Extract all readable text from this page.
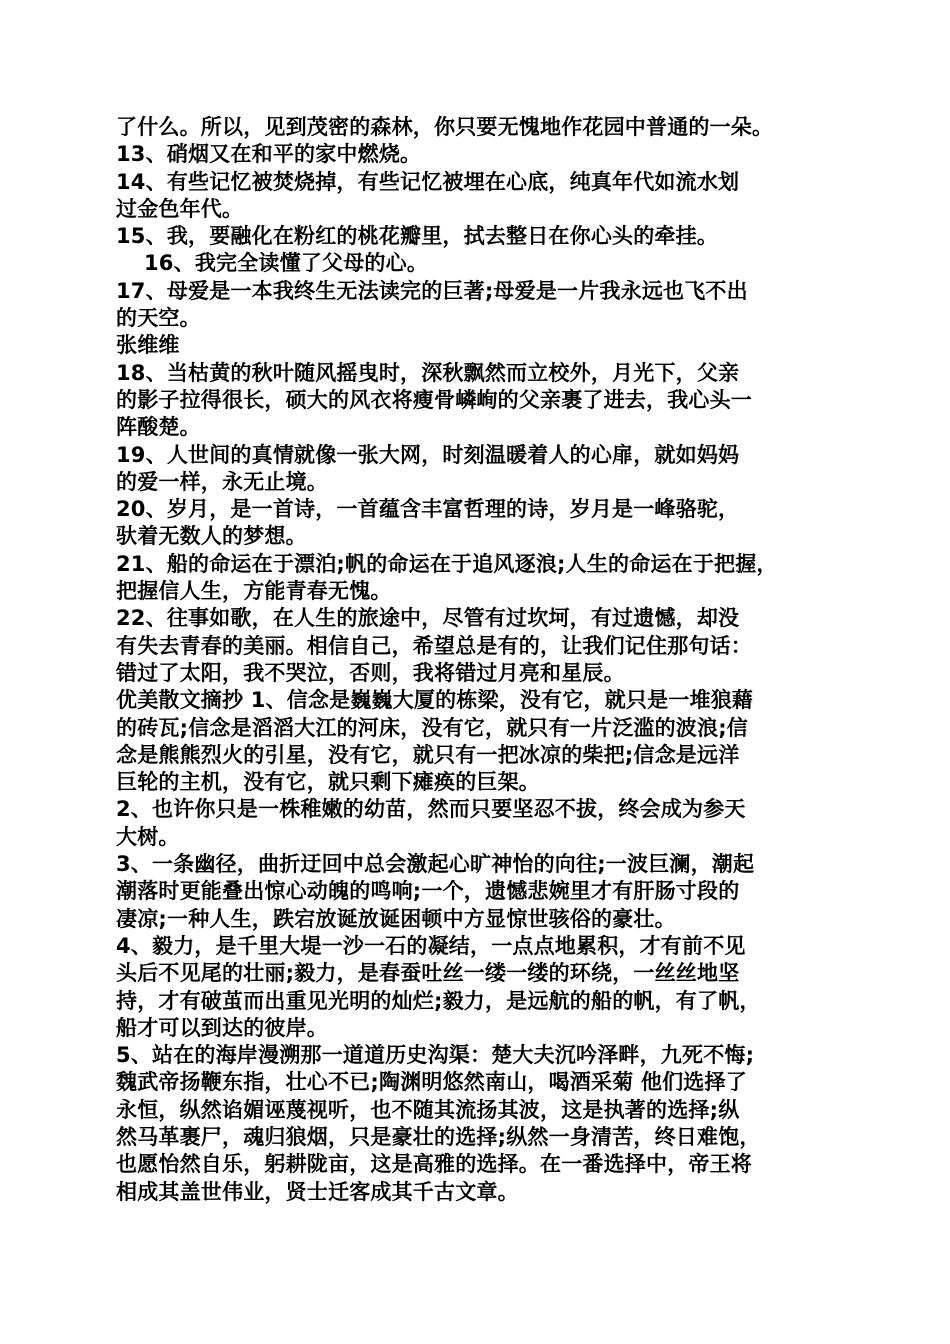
了什么。所以，见到茂密的森林，你只要无愧地作花园中普通的一朵。
13、硝烟又在和平的家中燃烧。
14、有些记忆被焚烧掉，有些记忆被埋在心底，纯真年代如流水划
过金色年代。
15、我，要融化在粉红的桃花瓣里，拭去整日在你心头的牵挂。
16、我完全读懂了父母的心。
17、母爱是一本我终生无法读完的巨著;母爱是一片我永远也飞不出
的天空。
张维维
18、当枯黄的秋叶随风摇曳时，深秋飘然而立校外，月光下，父亲
的影子拉得很长，硕大的风衣将瘦骨嶙峋的父亲裹了进去，我心头一
阵酸楚。
19、人世间的真情就像一张大网，时刻温暖着人的心扉，就如妈妈
的爱一样，永无止境。
20、岁月，是一首诗，一首蕴含丰富哲理的诗，岁月是一峰骆驼，
驮着无数人的梦想。
21、船的命运在于漂泊;帆的命运在于追风逐浪;人生的命运在于把握，
把握信人生，方能青春无愧。
22、往事如歌，在人生的旅途中，尽管有过坎坷，有过遗憾，却没
有失去青春的美丽。相信自己，希望总是有的，让我们记住那句话：
错过了太阳，我不哭泣，否则，我将错过月亮和星辰。
优美散文摘抄 1、信念是巍巍大厦的栋梁，没有它，就只是一堆狼藉
的砖瓦;信念是滔滔大江的河床，没有它，就只有一片泛滥的波浪;信
念是熊熊烈火的引星，没有它，就只有一把冰凉的柴把;信念是远洋
巨轮的主机，没有它，就只剩下瘫痪的巨架。
2、也许你只是一株稚嫩的幼苗，然而只要坚忍不拔，终会成为参天
大树。
3、一条幽径，曲折迂回中总会激起心旷神怡的向往;一波巨澜，潮起
潮落时更能叠出惊心动魄的鸣响;一个，遗憾悲婉里才有肝肠寸段的
凄凉;一种人生，跌宕放诞放诞困顿中方显惊世骇俗的豪壮。
4、毅力，是千里大堤一沙一石的凝结，一点点地累积，才有前不见
头后不见尾的壮丽;毅力，是春蚕吐丝一缕一缕的环绕，一丝丝地坚
持，才有破茧而出重见光明的灿烂;毅力，是远航的船的帆，有了帆，
船才可以到达的彼岸。
5、站在的海岸漫溯那一道道历史沟渠：楚大夫沉吟泽畔，九死不悔;
魏武帝扬鞭东指，壮心不已;陶渊明悠然南山，喝酒采菊 他们选择了
永恒，纵然谄媚诬蔑视听，也不随其流扬其波，这是执著的选择;纵
然马革裹尸，魂归狼烟，只是豪壮的选择;纵然一身清苦，终日难饱，
也愿怡然自乐，躬耕陇亩，这是高雅的选择。在一番选择中，帝王将
相成其盖世伟业，贤士迁客成其千古文章。
